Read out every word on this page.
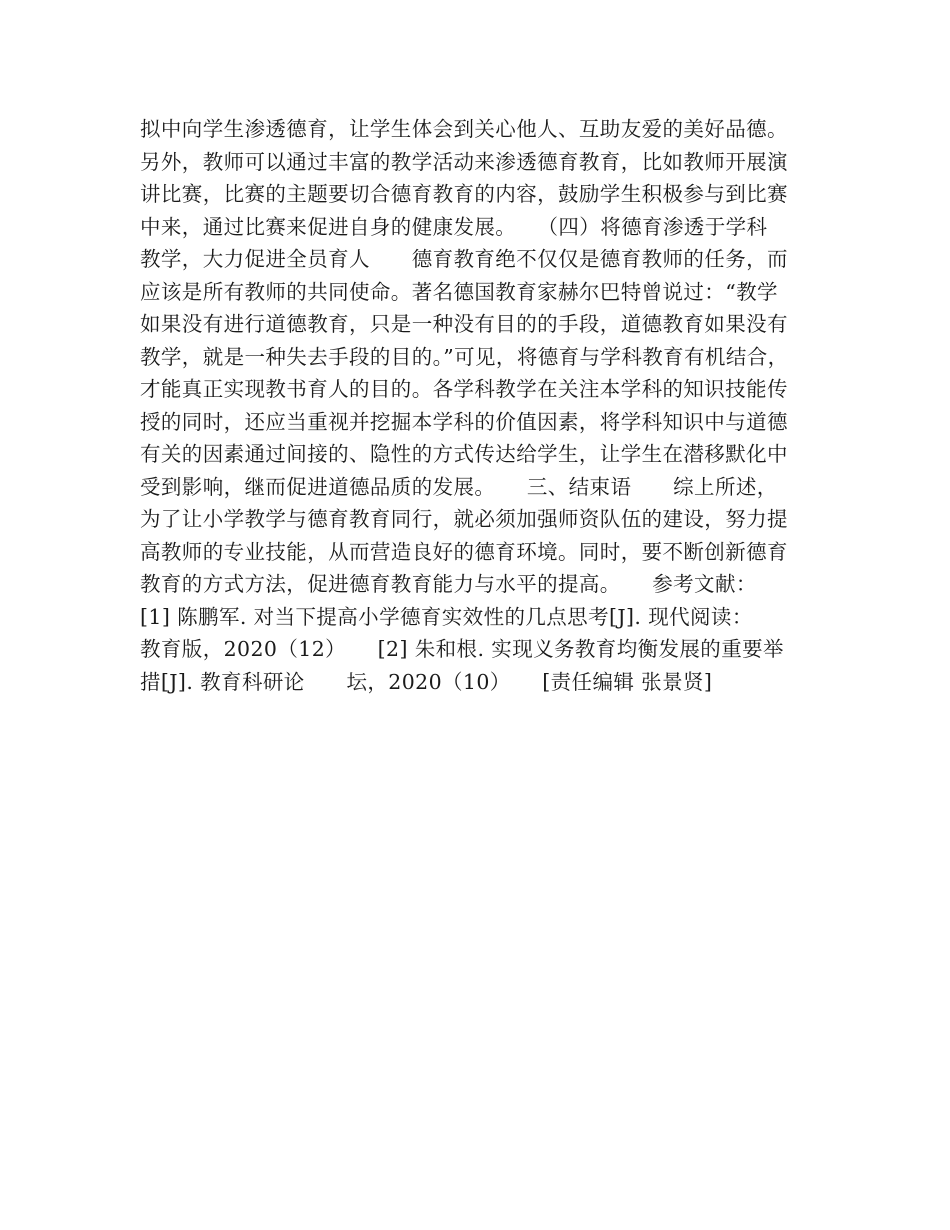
拟中向学生渗透德育，让学生体会到关心他人、互助友爱的美好品德。
另外，教师可以通过丰富的教学活动来渗透德育教育，比如教师开展演
讲比赛，比赛的主题要切合德育教育的内容，鼓励学生积极参与到比赛
中来，通过比赛来促进自身的健康发展。　　（四）将德育渗透于学科
教学，大力促进全员育人　　德育教育绝不仅仅是德育教师的任务，而
应该是所有教师的共同使命。著名德国教育家赫尔巴特曾说过：“教学
如果没有进行道德教育，只是一种没有目的的手段，道德教育如果没有
教学，就是一种失去手段的目的。”可见，将德育与学科教育有机结合，
才能真正实现教书育人的目的。各学科教学在关注本学科的知识技能传
授的同时，还应当重视并挖掘本学科的价值因素，将学科知识中与道德
有关的因素通过间接的、隐性的方式传达给学生，让学生在潜移默化中
受到影响，继而促进道德品质的发展。　　三、结束语　　综上所述，
为了让小学教学与德育教育同行，就必须加强师资队伍的建设，努力提
高教师的专业技能，从而营造良好的德育环境。同时，要不断创新德育
教育的方式方法，促进德育教育能力与水平的提高。　　参考文献：
[1] 陈鹏军. 对当下提高小学德育实效性的几点思考[J]. 现代阅读：
教育版，2020（12）　　[2] 朱和根. 实现义务教育均衡发展的重要举
措[J]. 教育科研论　　坛，2020（10）　　[责任编辑 张景贤]
